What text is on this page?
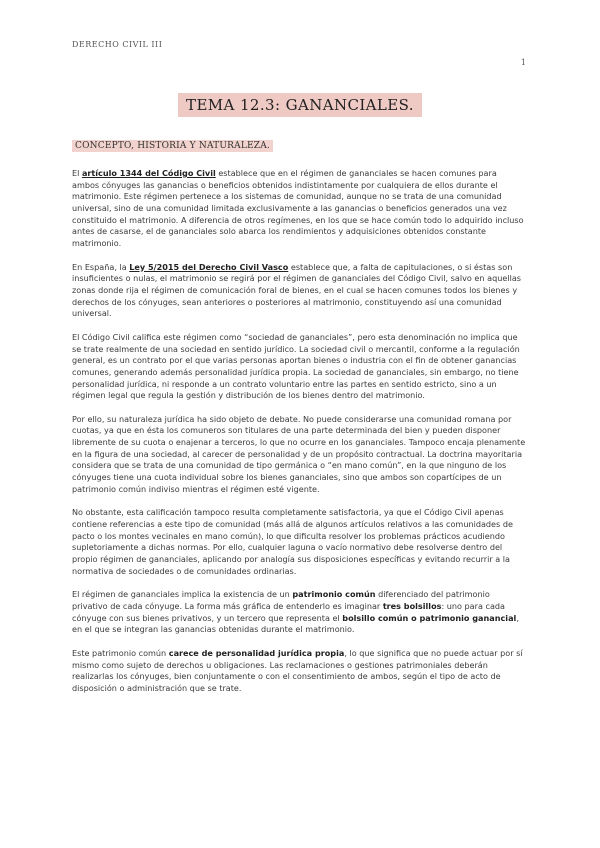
DERECHO CIVIL III
1
TEMA 12.3: GANANCIALES.
CONCEPTO, HISTORIA Y NATURALEZA.

El artículo 1344 del Código Civil establece que en el régimen de gananciales se hacen comunes para ambos cónyuges las ganancias o beneficios obtenidos indistintamente por cualquiera de ellos durante el matrimonio. Este régimen pertenece a los sistemas de comunidad, aunque no se trata de una comunidad universal, sino de una comunidad limitada exclusivamente a las ganancias o beneficios generados una vez constituido el matrimonio. A diferencia de otros regímenes, en los que se hace común todo lo adquirido incluso antes de casarse, el de gananciales solo abarca los rendimientos y adquisiciones obtenidos constante matrimonio.

En España, la Ley 5/2015 del Derecho Civil Vasco establece que, a falta de capitulaciones, o si éstas son insuficientes o nulas, el matrimonio se regirá por el régimen de gananciales del Código Civil, salvo en aquellas zonas donde rija el régimen de comunicación foral de bienes, en el cual se hacen comunes todos los bienes y derechos de los cónyuges, sean anteriores o posteriores al matrimonio, constituyendo así una comunidad universal.

El Código Civil califica este régimen como “sociedad de gananciales”, pero esta denominación no implica que se trate realmente de una sociedad en sentido jurídico. La sociedad civil o mercantil, conforme a la regulación general, es un contrato por el que varias personas aportan bienes o industria con el fin de obtener ganancias comunes, generando además personalidad jurídica propia. La sociedad de gananciales, sin embargo, no tiene personalidad jurídica, ni responde a un contrato voluntario entre las partes en sentido estricto, sino a un régimen legal que regula la gestión y distribución de los bienes dentro del matrimonio.

Por ello, su naturaleza jurídica ha sido objeto de debate. No puede considerarse una comunidad romana por cuotas, ya que en ésta los comuneros son titulares de una parte determinada del bien y pueden disponer libremente de su cuota o enajenar a terceros, lo que no ocurre en los gananciales. Tampoco encaja plenamente en la figura de una sociedad, al carecer de personalidad y de un propósito contractual. La doctrina mayoritaria considera que se trata de una comunidad de tipo germánica o “en mano común”, en la que ninguno de los cónyuges tiene una cuota individual sobre los bienes gananciales, sino que ambos son copartícipes de un patrimonio común indiviso mientras el régimen esté vigente.

No obstante, esta calificación tampoco resulta completamente satisfactoria, ya que el Código Civil apenas contiene referencias a este tipo de comunidad (más allá de algunos artículos relativos a las comunidades de pacto o los montes vecinales en mano común), lo que dificulta resolver los problemas prácticos acudiendo supletoriamente a dichas normas. Por ello, cualquier laguna o vacío normativo debe resolverse dentro del propio régimen de gananciales, aplicando por analogía sus disposiciones específicas y evitando recurrir a la normativa de sociedades o de comunidades ordinarias.

El régimen de gananciales implica la existencia de un patrimonio común diferenciado del patrimonio privativo de cada cónyuge. La forma más gráfica de entenderlo es imaginar tres bolsillos: uno para cada cónyuge con sus bienes privativos, y un tercero que representa el bolsillo común o patrimonio ganancial, en el que se integran las ganancias obtenidas durante el matrimonio.

Este patrimonio común carece de personalidad jurídica propia, lo que significa que no puede actuar por sí mismo como sujeto de derechos u obligaciones. Las reclamaciones o gestiones patrimoniales deberán realizarlas los cónyuges, bien conjuntamente o con el consentimiento de ambos, según el tipo de acto de disposición o administración que se trate.
